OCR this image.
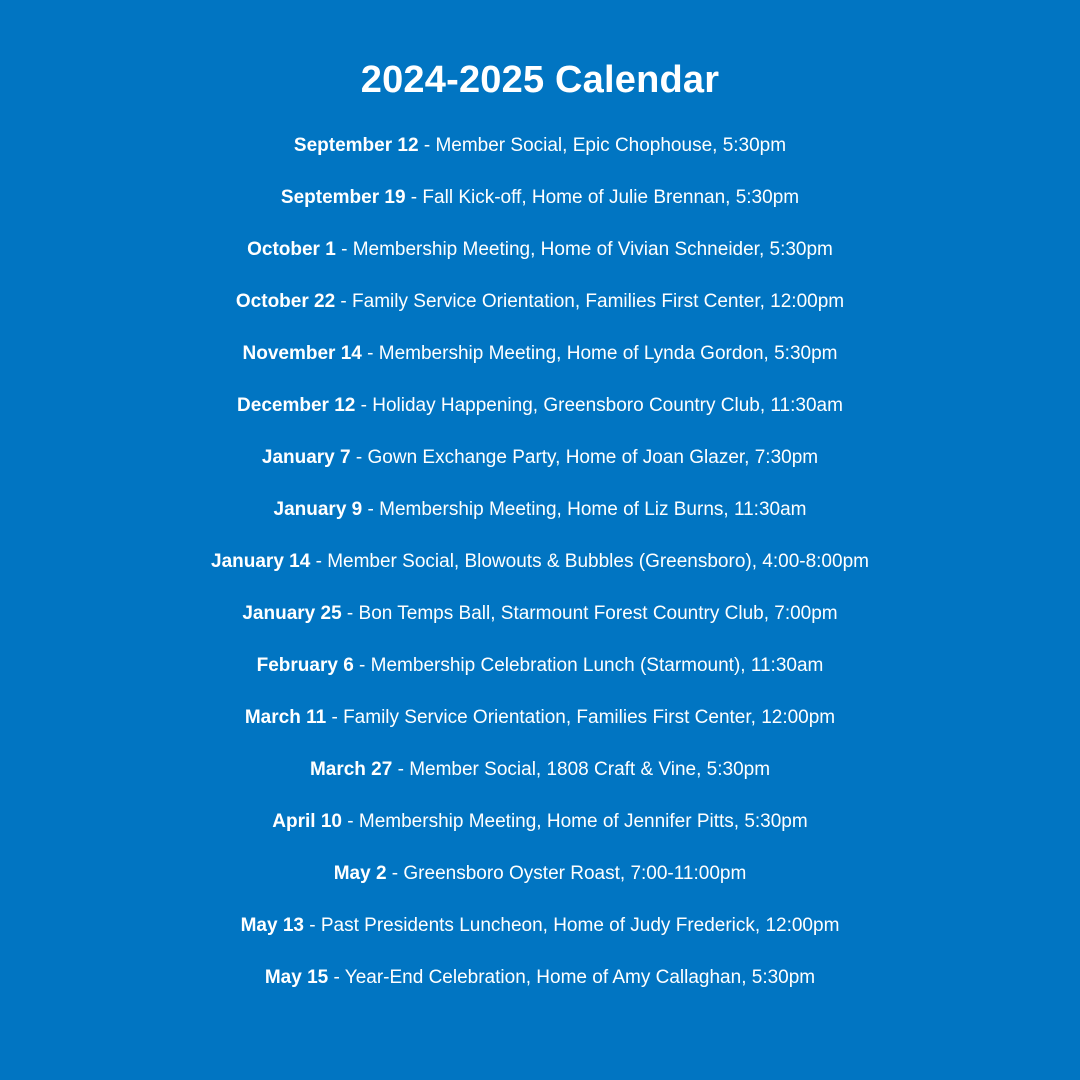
2024-2025 Calendar
September 12 - Member Social, Epic Chophouse, 5:30pm
September 19 - Fall Kick-off, Home of Julie Brennan, 5:30pm
October 1 - Membership Meeting, Home of Vivian Schneider, 5:30pm
October 22 - Family Service Orientation, Families First Center, 12:00pm
November 14 - Membership Meeting, Home of Lynda Gordon, 5:30pm
December 12 - Holiday Happening, Greensboro Country Club, 11:30am
January 7 - Gown Exchange Party, Home of Joan Glazer, 7:30pm
January 9 - Membership Meeting, Home of Liz Burns, 11:30am
January 14 - Member Social, Blowouts & Bubbles (Greensboro), 4:00-8:00pm
January 25 - Bon Temps Ball, Starmount Forest Country Club, 7:00pm
February 6 - Membership Celebration Lunch (Starmount), 11:30am
March 11 - Family Service Orientation, Families First Center, 12:00pm
March 27 - Member Social, 1808 Craft & Vine, 5:30pm
April 10 - Membership Meeting, Home of Jennifer Pitts, 5:30pm
May 2 - Greensboro Oyster Roast, 7:00-11:00pm
May 13 - Past Presidents Luncheon, Home of Judy Frederick, 12:00pm
May 15 - Year-End Celebration, Home of Amy Callaghan, 5:30pm
